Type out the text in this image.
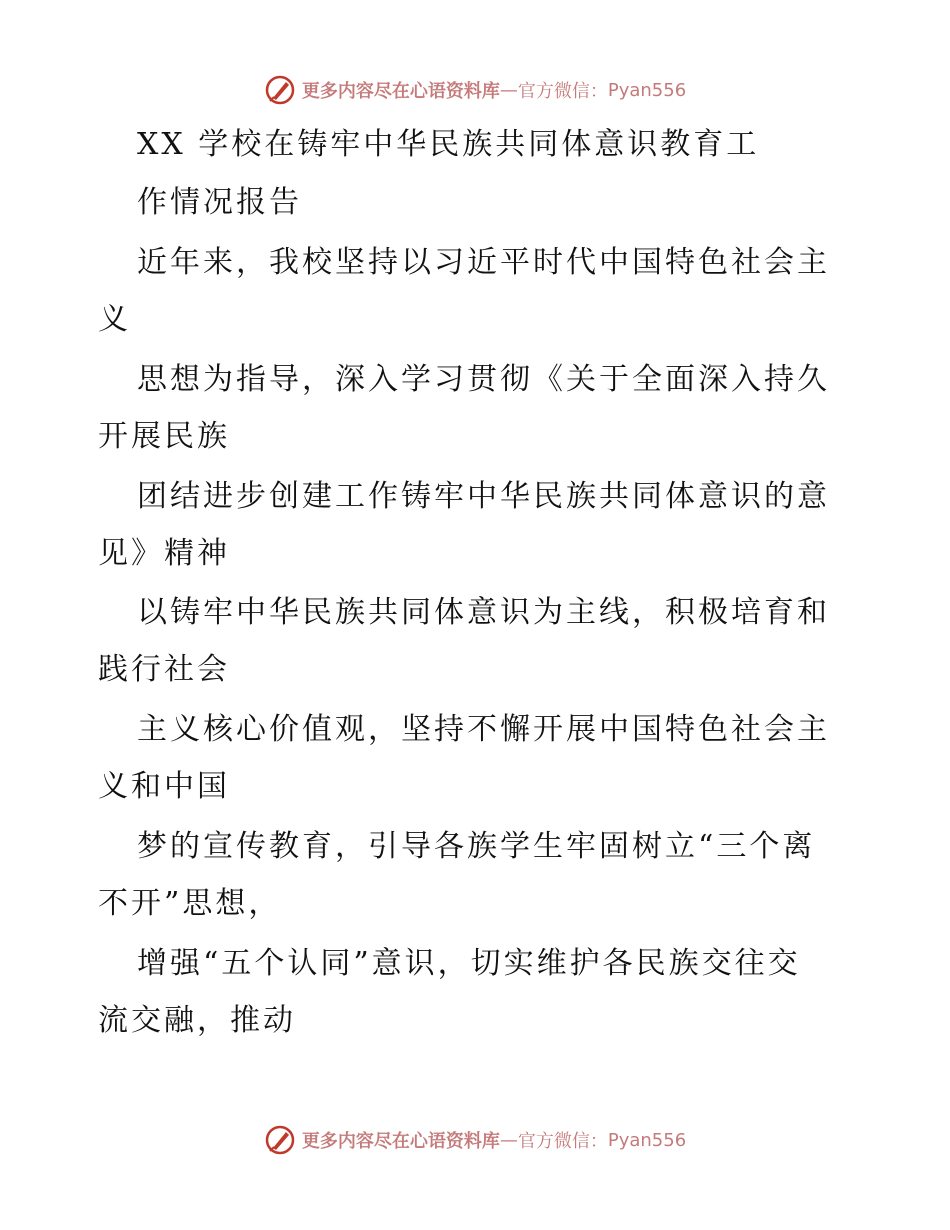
更多内容尽在心语资料库 — 官方微信： Pyan556
XX 学校在铸牢中华民族共同体意识教育工
作情况报告
近年来，我校坚持以习近平时代中国特色社会主
义
思想为指导，深入学习贯彻《关于全面深入持久
开展民族
团结进步创建工作铸牢中华民族共同体意识的意
见》精神
以铸牢中华民族共同体意识为主线，积极培育和
践行社会
主义核心价值观，坚持不懈开展中国特色社会主
义和中国
梦的宣传教育，引导各族学生牢固树立“三个离
不开”思想，
增强“五个认同”意识，切实维护各民族交往交
流交融，推动
更多内容尽在心语资料库 — 官方微信： Pyan556
